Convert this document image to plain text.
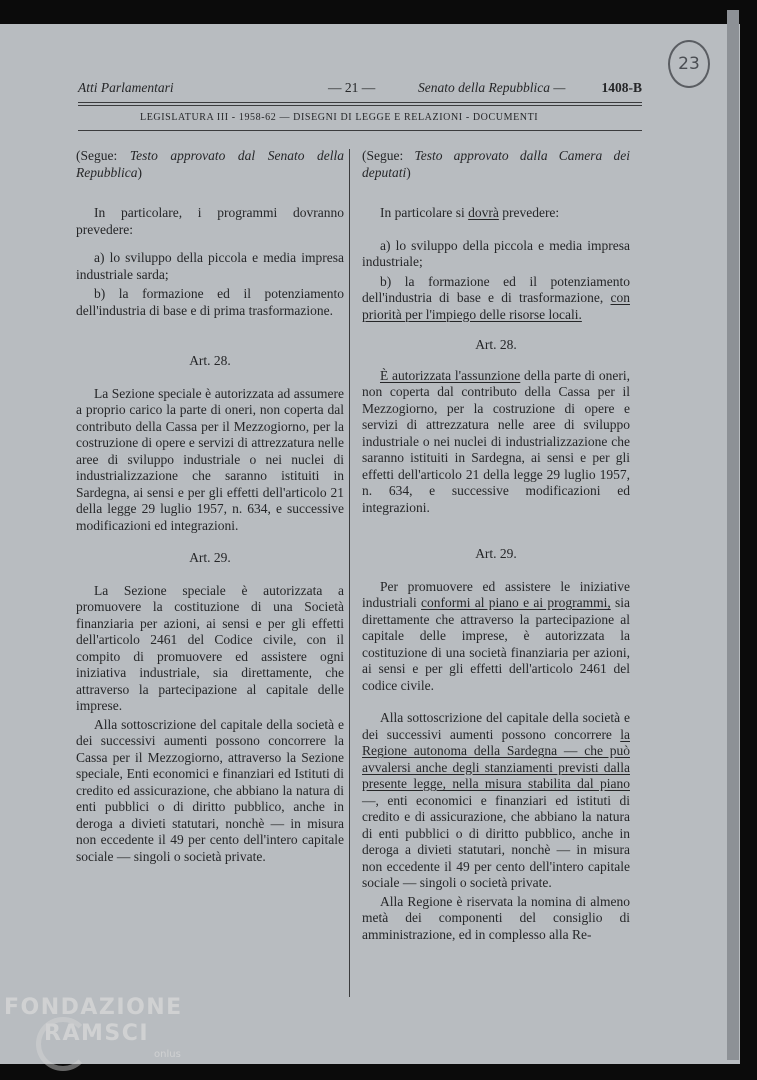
23
Atti Parlamentari	— 21 —	Senato della Repubblica —	1408-B
LEGISLATURA III - 1958-62 — DISEGNI DI LEGGE E RELAZIONI - DOCUMENTI

(Segue: Testo approvato dal Senato della Repubblica)

In particolare, i programmi dovranno prevedere:

a) lo sviluppo della piccola e media impresa industriale sarda;

b) la formazione ed il potenziamento dell'industria di base e di prima trasformazione.

Art. 28.

La Sezione speciale è autorizzata ad assumere a proprio carico la parte di oneri, non coperta dal contributo della Cassa per il Mezzogiorno, per la costruzione di opere e servizi di attrezzatura nelle aree di sviluppo industriale o nei nuclei di industrializzazione che saranno istituiti in Sardegna, ai sensi e per gli effetti dell'articolo 21 della legge 29 luglio 1957, n. 634, e successive modificazioni ed integrazioni.

Art. 29.

La Sezione speciale è autorizzata a promuovere la costituzione di una Società finanziaria per azioni, ai sensi e per gli effetti dell'articolo 2461 del Codice civile, con il compito di promuovere ed assistere ogni iniziativa industriale, sia direttamente, che attraverso la partecipazione al capitale delle imprese.

Alla sottoscrizione del capitale della società e dei successivi aumenti possono concorrere la Cassa per il Mezzogiorno, attraverso la Sezione speciale, Enti economici e finanziari ed Istituti di credito ed assicurazione, che abbiano la natura di enti pubblici o di diritto pubblico, anche in deroga a divieti statutari, nonchè — in misura non eccedente il 49 per cento dell'intero capitale sociale — singoli o società private.

(Segue: Testo approvato dalla Camera dei deputati)

In particolare si dovrà prevedere:

a) lo sviluppo della piccola e media impresa industriale;

b) la formazione ed il potenziamento dell'industria di base e di trasformazione, con priorità per l'impiego delle risorse locali.

Art. 28.

È autorizzata l'assunzione della parte di oneri, non coperta dal contributo della Cassa per il Mezzogiorno, per la costruzione di opere e servizi di attrezzatura nelle aree di sviluppo industriale o nei nuclei di industrializzazione che saranno istituiti in Sardegna, ai sensi e per gli effetti dell'articolo 21 della legge 29 luglio 1957, n. 634, e successive modificazioni ed integrazioni.

Art. 29.

Per promuovere ed assistere le iniziative industriali conformi al piano e ai programmi, sia direttamente che attraverso la partecipazione al capitale delle imprese, è autorizzata la costituzione di una società finanziaria per azioni, ai sensi e per gli effetti dell'articolo 2461 del codice civile.

Alla sottoscrizione del capitale della società e dei successivi aumenti possono concorrere la Regione autonoma della Sardegna — che può avvalersi anche degli stanziamenti previsti dalla presente legge, nella misura stabilita dal piano —, enti economici e finanziari ed istituti di credito e di assicurazione, che abbiano la natura di enti pubblici o di diritto pubblico, anche in deroga a divieti statutari, nonchè — in misura non eccedente il 49 per cento dell'intero capitale sociale — singoli o società private.

Alla Regione è riservata la nomina di almeno metà dei componenti del consiglio di amministrazione, ed in complesso alla Re-

FONDAZIONE
RAMSCI
onlus
